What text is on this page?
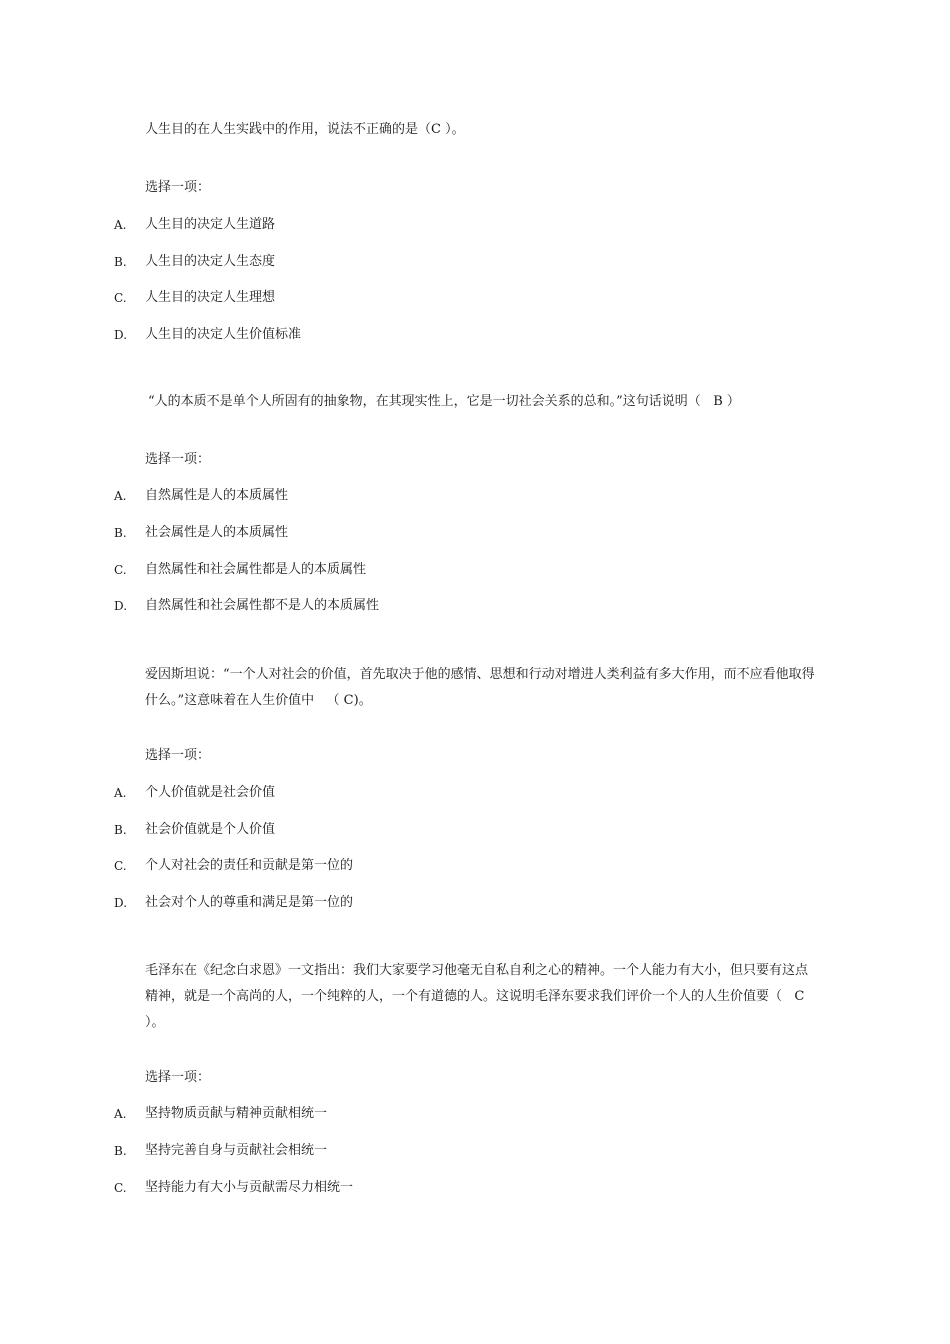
人生目的在人生实践中的作用，说法不正确的是（C ）。

选择一项：

A. 人生目的决定人生道路
B. 人生目的决定人生态度
C. 人生目的决定人生理想
D. 人生目的决定人生价值标准

“人的本质不是单个人所固有的抽象物，在其现实性上，它是一切社会关系的总和。”这句话说明（   B ）

选择一项：

A. 自然属性是人的本质属性
B. 社会属性是人的本质属性
C. 自然属性和社会属性都是人的本质属性
D. 自然属性和社会属性都不是人的本质属性

爱因斯坦说：“一个人对社会的价值，首先取决于他的感情、思想和行动对增进人类利益有多大作用，而不应看他取得什么。”这意味着在人生价值中   （ C)。

选择一项：

A. 个人价值就是社会价值
B. 社会价值就是个人价值
C. 个人对社会的责任和贡献是第一位的
D. 社会对个人的尊重和满足是第一位的

毛泽东在《纪念白求恩》一文指出：我们大家要学习他毫无自私自利之心的精神。一个人能力有大小，但只要有这点精神，就是一个高尚的人，一个纯粹的人，一个有道德的人。这说明毛泽东要求我们评价一个人的人生价值要（   C    ）。

选择一项：

A. 坚持物质贡献与精神贡献相统一
B. 坚持完善自身与贡献社会相统一
C. 坚持能力有大小与贡献需尽力相统一
